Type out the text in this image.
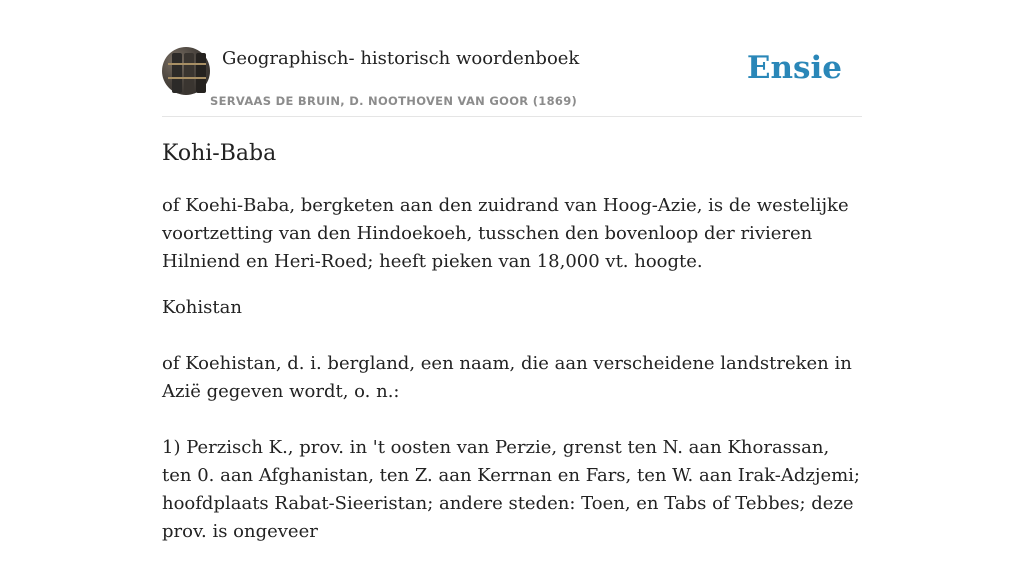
Geographisch- historisch woordenboek
SERVAAS DE BRUIN, D. NOOTHOVEN VAN GOOR (1869)
Ensie
Kohi-Baba

of Koehi-Baba, bergketen aan den zuidrand van Hoog-Azie, is de westelijke voortzetting van den Hindoekoeh, tusschen den bovenloop der rivieren Hilniend en Heri-Roed; heeft pieken van 18,000 vt. hoogte.

Kohistan

of Koehistan, d. i. bergland, een naam, die aan verscheidene landstreken in Azië gegeven wordt, o. n.:

1) Perzisch K., prov. in 't oosten van Perzie, grenst ten N. aan Khorassan, ten 0. aan Afghanistan, ten Z. aan Kerrnan en Fars, ten W. aan Irak-Adzjemi; hoofdplaats Rabat-Sieeristan; andere steden: Toen, en Tabs of Tebbes; deze prov. is ongeveer
